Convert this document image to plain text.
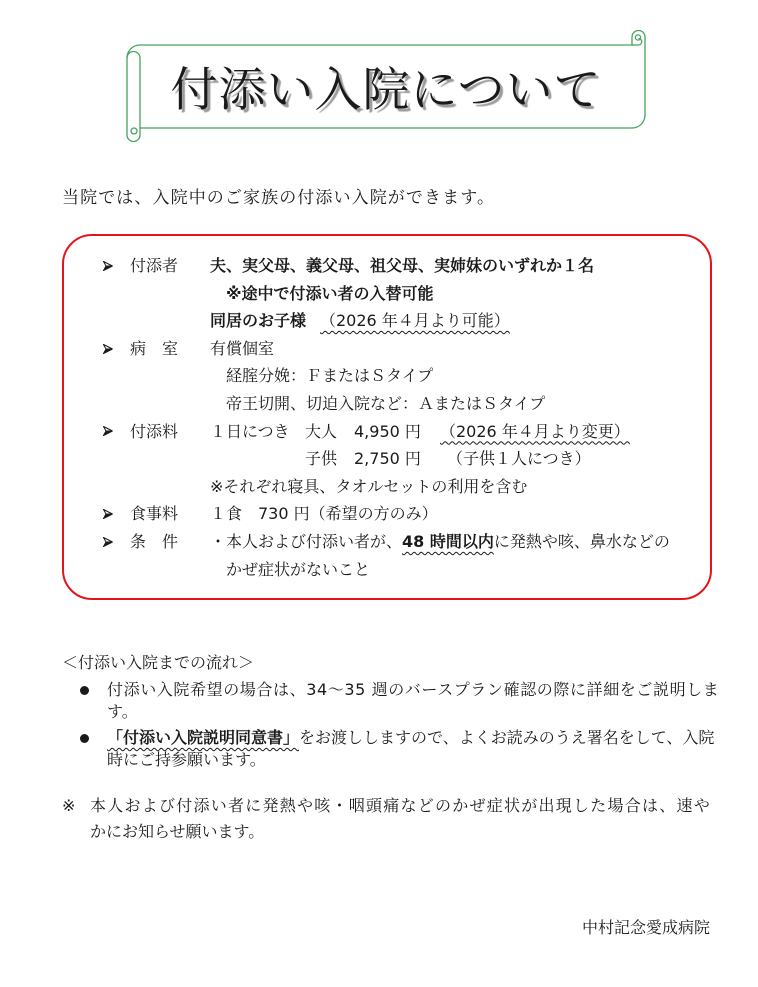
付添い入院について

当院では、入院中のご家族の付添い入院ができます。

付添者 夫、実父母、義父母、祖父母、実姉妹のいずれか１名
※途中で付添い者の入替可能
同居のお子様 （2026 年４月より可能）
病　室 有償個室
経腟分娩：ＦまたはＳタイプ
帝王切開、切迫入院など：ＡまたはＳタイプ
付添料 １日につき 大人 4,950 円 （2026 年４月より変更）
子供 2,750 円 （子供１人につき）
※それぞれ寝具、タオルセットの利用を含む
食事料 １食 730 円（希望の方のみ）
条　件 ・本人および付添い者が、48 時間以内に発熱や咳、鼻水などの
かぜ症状がないこと
＜付添い入院までの流れ＞
付添い入院希望の場合は、34～35 週のバースプラン確認の際に詳細をご説明しま
す。
「付添い入院説明同意書」をお渡ししますので、よくお読みのうえ署名をして、入院
時にご持参願います。
※ 本人および付添い者に発熱や咳・咽頭痛などのかぜ症状が出現した場合は、速や
かにお知らせ願います。
中村記念愛成病院
